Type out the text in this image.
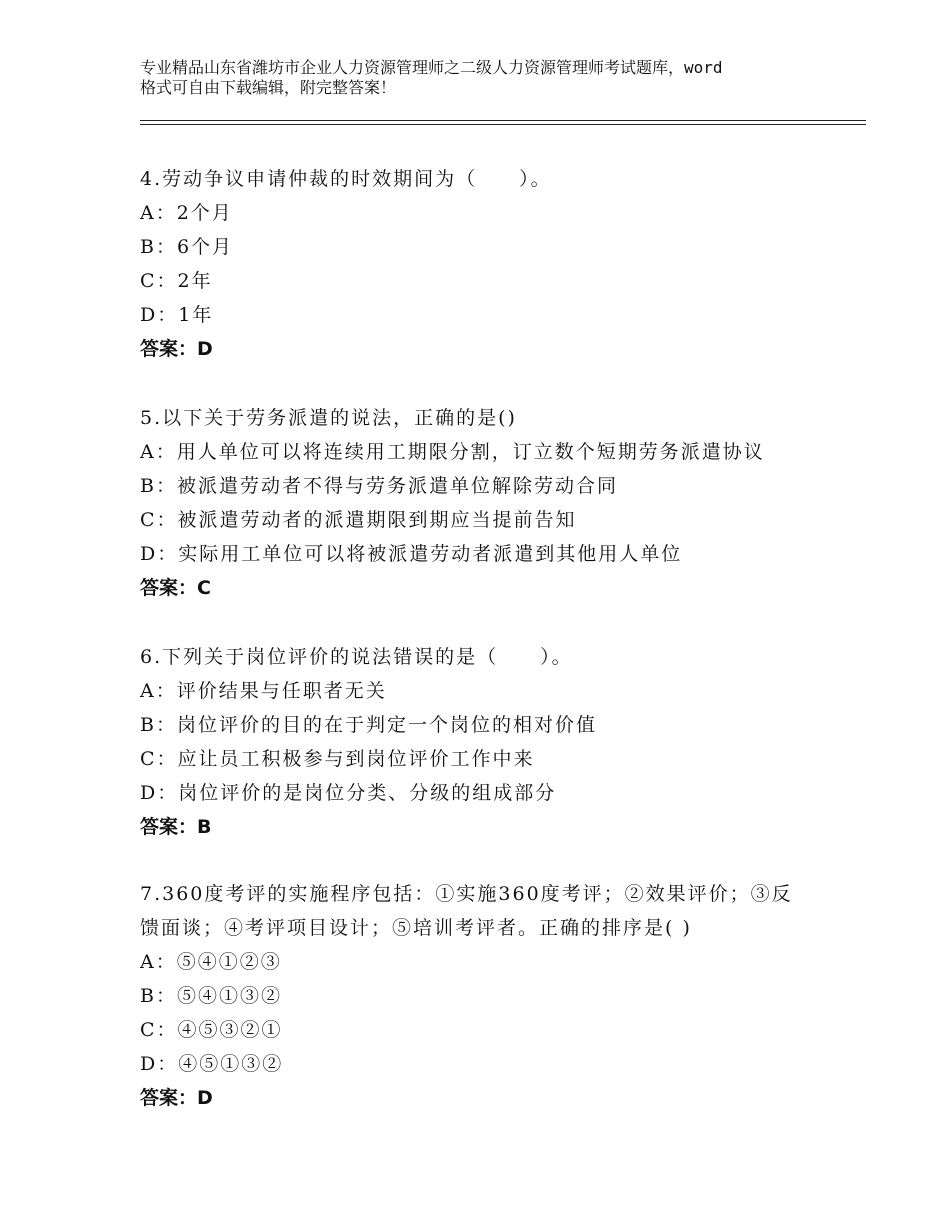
专业精品山东省潍坊市企业人力资源管理师之二级人力资源管理师考试题库，word
格式可自由下载编辑，附完整答案！
4.劳动争议申请仲裁的时效期间为（　　）。
A：2个月
B：6个月
C：2年
D：1年
答案：D
5.以下关于劳务派遣的说法，正确的是()
A：用人单位可以将连续用工期限分割，订立数个短期劳务派遣协议
B：被派遣劳动者不得与劳务派遣单位解除劳动合同
C：被派遣劳动者的派遣期限到期应当提前告知
D：实际用工单位可以将被派遣劳动者派遣到其他用人单位
答案：C
6.下列关于岗位评价的说法错误的是（　　）。
A：评价结果与任职者无关
B：岗位评价的目的在于判定一个岗位的相对价值
C：应让员工积极参与到岗位评价工作中来
D：岗位评价的是岗位分类、分级的组成部分
答案：B
7.360度考评的实施程序包括：①实施360度考评；②效果评价；③反
馈面谈；④考评项目设计；⑤培训考评者。正确的排序是( )
A：⑤④①②③
B：⑤④①③②
C：④⑤③②①
D：④⑤①③②
答案：D
